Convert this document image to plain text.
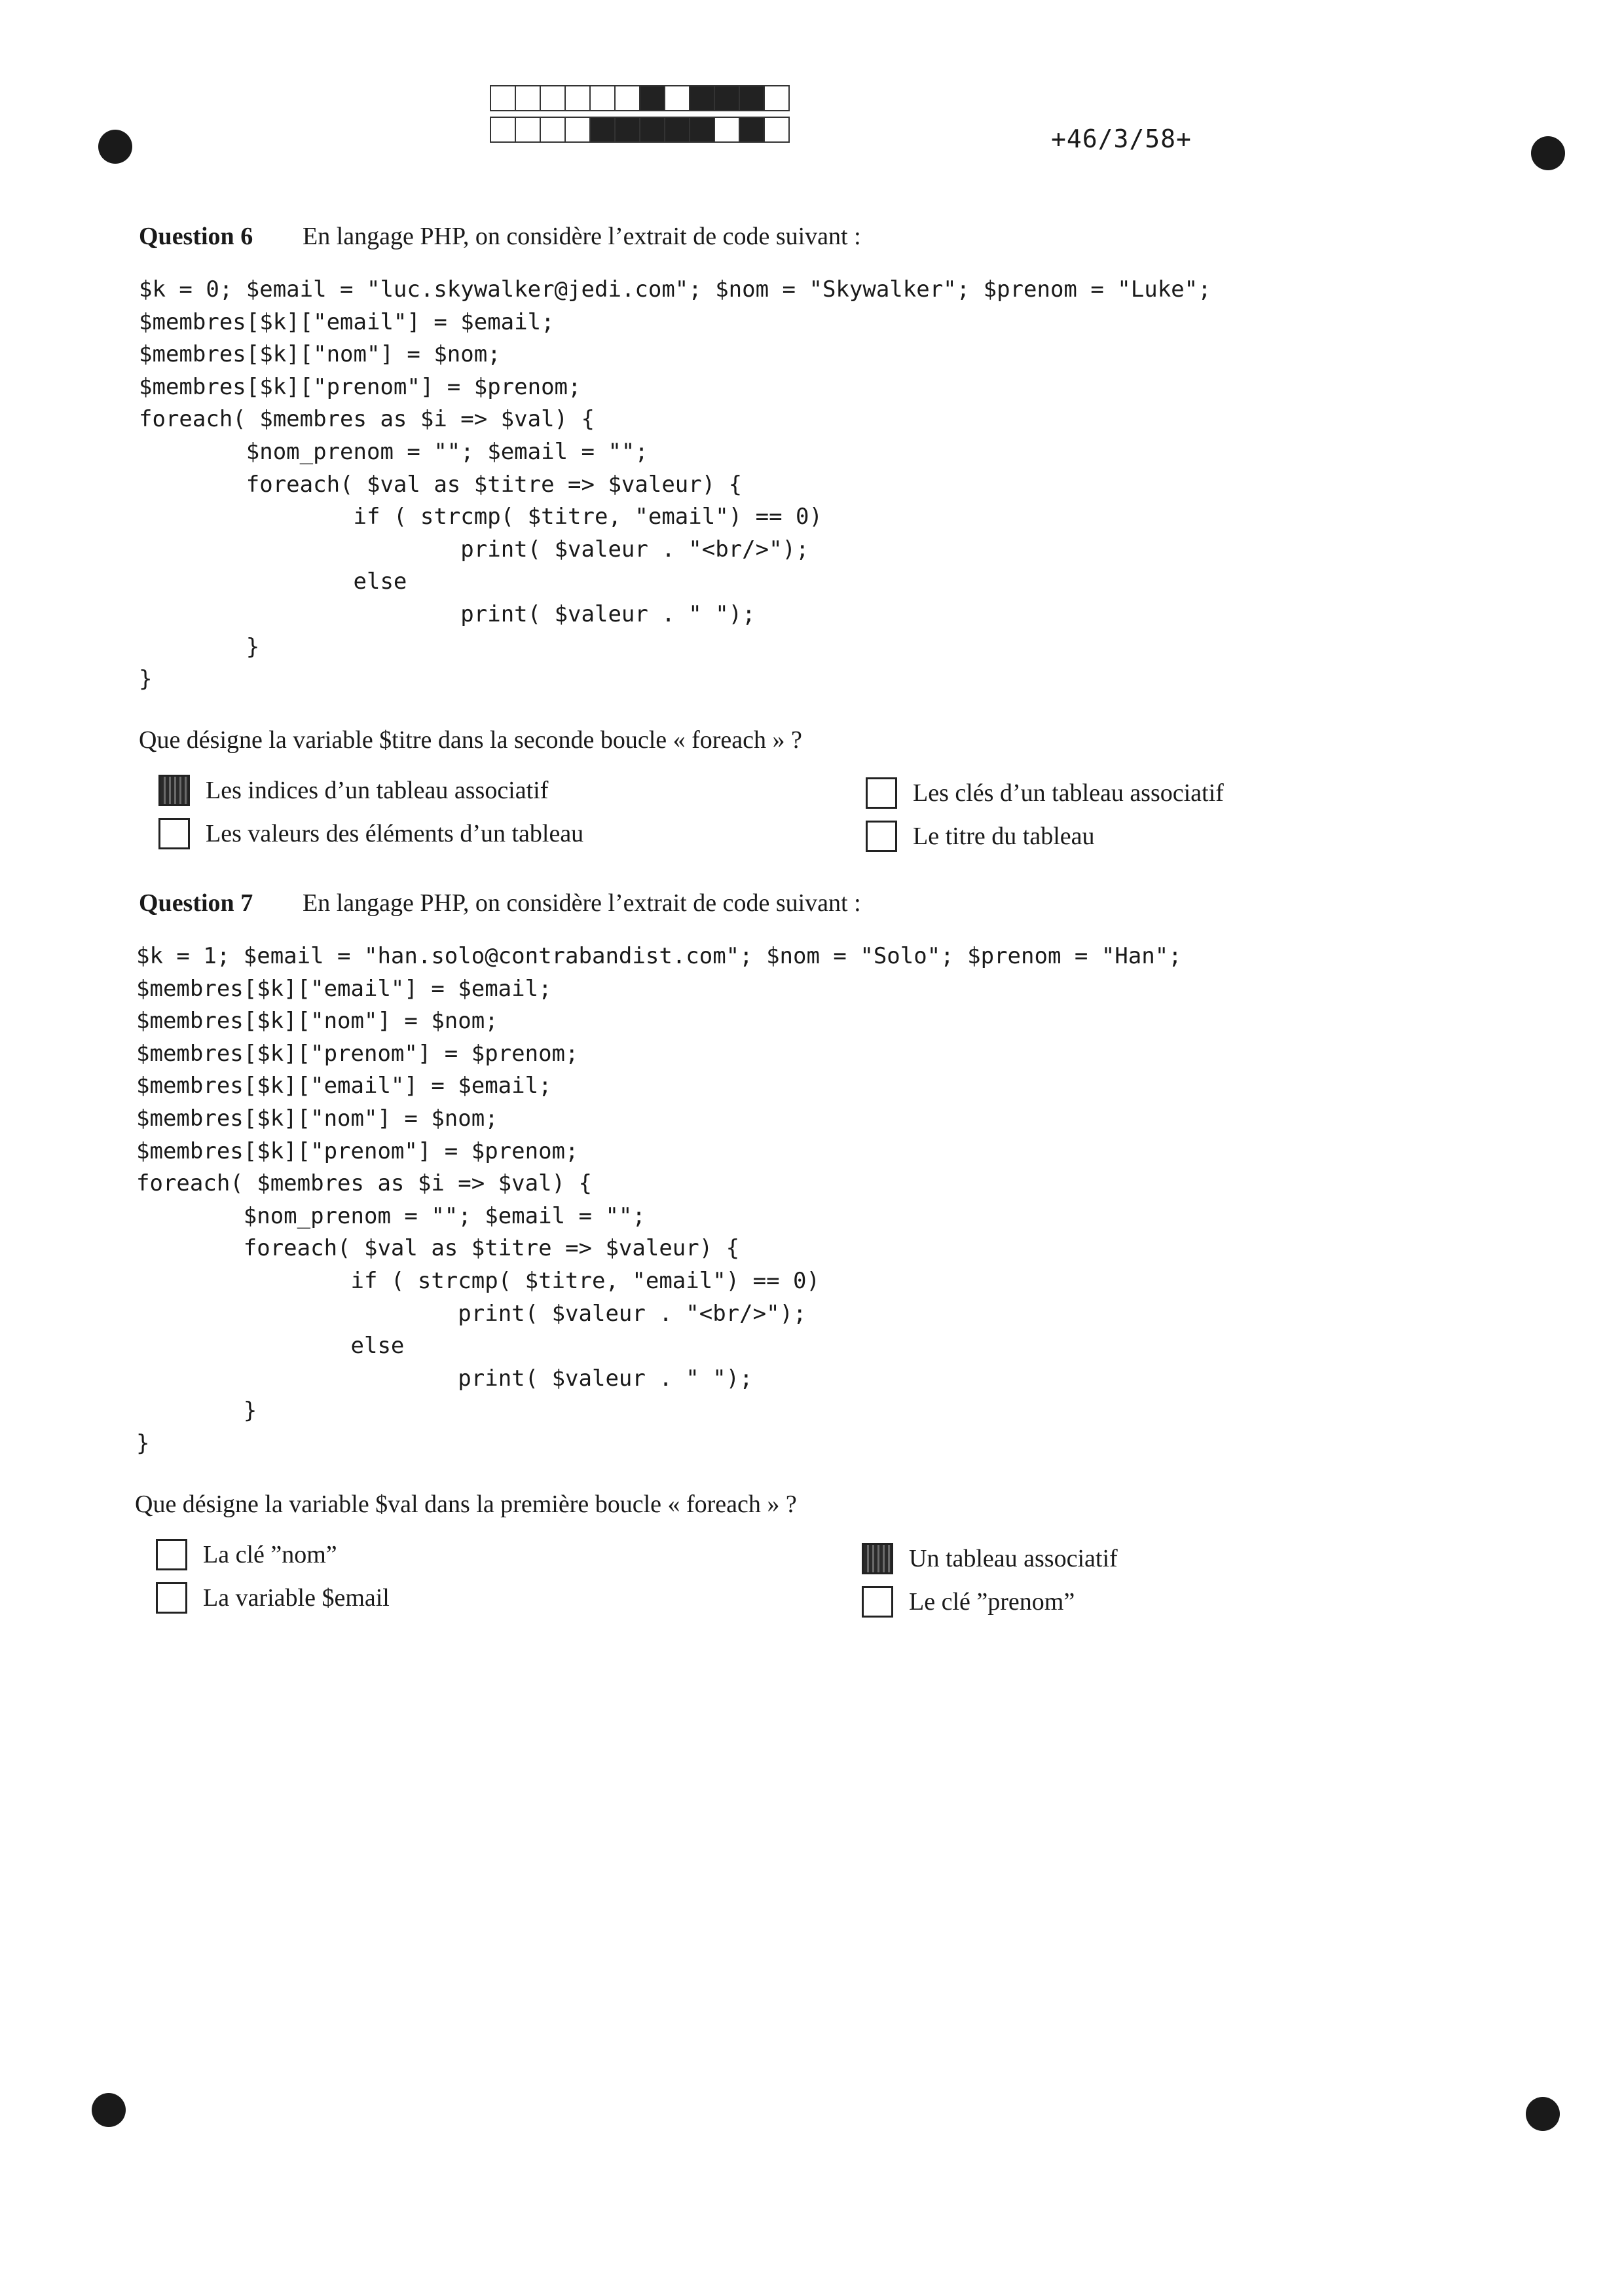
+46/3/58+
Question 6 En langage PHP, on considère l’extrait de code suivant :
$k = 0; $email = "luc.skywalker@jedi.com"; $nom = "Skywalker"; $prenom = "Luke";
$membres[$k]["email"] = $email;
$membres[$k]["nom"] = $nom;
$membres[$k]["prenom"] = $prenom;
foreach( $membres as $i => $val) {
	$nom_prenom = ""; $email = "";
	foreach( $val as $titre => $valeur) {
		if ( strcmp( $titre, "email") == 0)
			print( $valeur . "<br/>");
		else
			print( $valeur . " ");
	}
}
Que désigne la variable $titre dans la seconde boucle « foreach » ?
Les indices d’un tableau associatif	Les clés d’un tableau associatif
Les valeurs des éléments d’un tableau	Le titre du tableau
Question 7 En langage PHP, on considère l’extrait de code suivant :
$k = 1; $email = "han.solo@contrabandist.com"; $nom = "Solo"; $prenom = "Han";
$membres[$k]["email"] = $email;
$membres[$k]["nom"] = $nom;
$membres[$k]["prenom"] = $prenom;
$membres[$k]["email"] = $email;
$membres[$k]["nom"] = $nom;
$membres[$k]["prenom"] = $prenom;
foreach( $membres as $i => $val) {
	$nom_prenom = ""; $email = "";
	foreach( $val as $titre => $valeur) {
		if ( strcmp( $titre, "email") == 0)
			print( $valeur . "<br/>");
		else
			print( $valeur . " ");
	}
}
Que désigne la variable $val dans la première boucle « foreach » ?
La clé ”nom”	Un tableau associatif
La variable $email	Le clé ”prenom”
